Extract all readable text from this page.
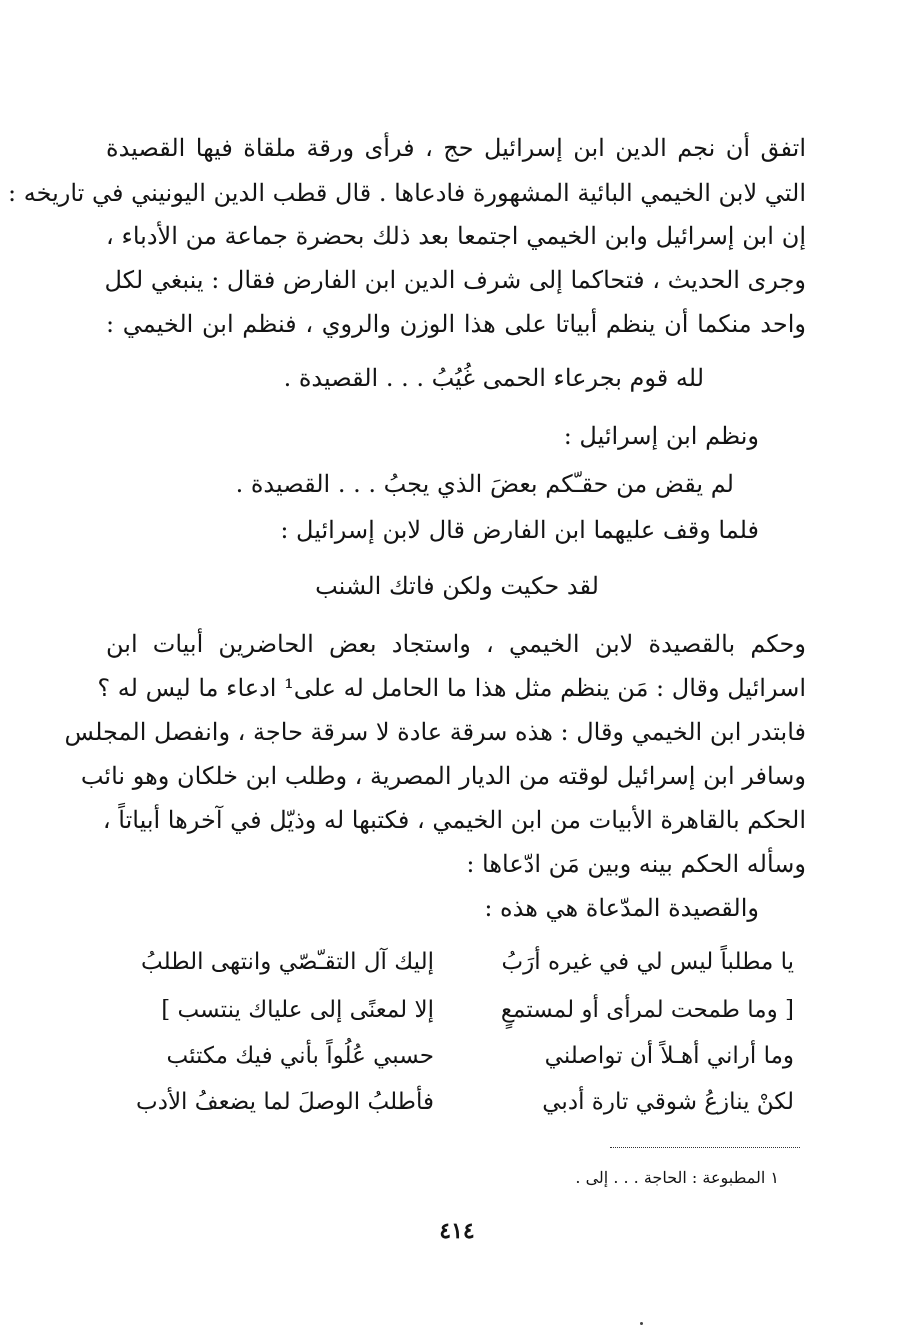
اتفق أن نجم الدين ابن إسرائيل حج ، فرأى ورقة ملقاة فيها القصيدة
التي لابن الخيمي البائية المشهورة فادعاها . قال قطب الدين اليونيني في تاريخه :
إن ابن إسرائيل وابن الخيمي اجتمعا بعد ذلك بحضرة جماعة من الأدباء ،
وجرى الحديث ، فتحاكما إلى شرف الدين ابن الفارض فقال : ينبغي لكل
واحد منكما أن ينظم أبياتا على هذا الوزن والروي ، فنظم ابن الخيمي :
لله قوم بجرعاء الحمى غُيُبُ . . . القصيدة .
ونظم ابن إسرائيل :
لم يقض من حقـّكم بعضَ الذي يجبُ . . . القصيدة .
فلما وقف عليهما ابن الفارض قال لابن إسرائيل :
لقد حكيت ولكن فاتك الشنب
وحكم بالقصيدة لابن الخيمي ، واستجاد بعض الحاضرين أبيات ابن
اسرائيل وقال : مَن ينظم مثل هذا ما الحامل له على¹ ادعاء ما ليس له ؟
فابتدر ابن الخيمي وقال : هذه سرقة عادة لا سرقة حاجة ، وانفصل المجلس
وسافر ابن إسرائيل لوقته من الديار المصرية ، وطلب ابن خلكان وهو نائب
الحكم بالقاهرة الأبيات من ابن الخيمي ، فكتبها له وذيّل في آخرها أبياتاً ،
وسأله الحكم بينه وبين مَن ادّعاها :
والقصيدة المدّعاة هي هذه :
يا مطلباً ليس لي في غيره أرَبُ
إليك آل التقـّصّي وانتهى الطلبُ
[ وما طمحت لمرأى أو لمستمعٍ
إلا لمعنًى إلى علياك ينتسب ]
وما أراني أهـلاً أن تواصلني
حسبي عُلُواً بأني فيك مكتئب
لكنْ ينازعُ شوقي تارة أدبي
فأطلبُ الوصلَ لما يضعفُ الأدب
١ المطبوعة : الحاجة . . . إلى .
٤١٤
